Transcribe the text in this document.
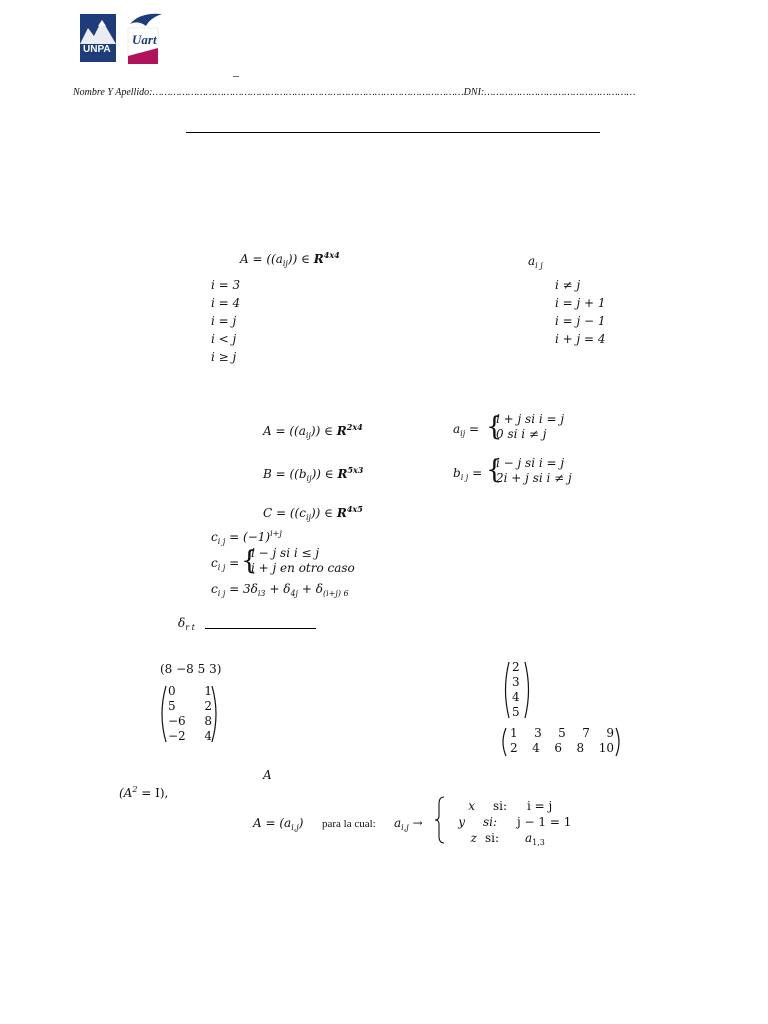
UNPA
Uart
–
Nombre Y Apellido:……………………………………………………………………………………………DNI:……………………………………………
$A = ((a_{ij}))$ ∈ $R^{4x4}$	$a_{i j}$
i = 3
i = 4
i = j
i < j
i ≥ j
i ≠ j
i = j + 1
i = j − 1
i + j = 4
$A = ((a_{ij}))$ ∈ $R^{2x4}$	$a_{ij}$ = {
i + j si i = j
0 si i ≠ j
$B = ((b_{ij}))$ ∈ $R^{5x3}$	$b_{i j}$ = {
i − j si i = j
2i + j si i ≠ j
$C = ((c_{ij}))$ ∈ $R^{4x5}$
$c_{i j} = (-1)^{i+j}$
$c_{i j}$ = {
i − j si i ≤ j
i + j en otro caso
$c_{i j} = 3\delta_{i3} + \delta_{4j} + \delta_{(i+j) 6}$
$\delta_{r t}$
(8 −8 5 3)
0 1
5 2
−6 8
−2 4
2
3
4
5
1 3 5 7 9
2 4 6 8 10
A
$(A^2 = I)$,
$A = (a_{i,j})$ para la cual: $a_{i,j}$ →
x	si:	i = j
y	si:	j − 1 = 1
z si:	$a_{1,3}$
